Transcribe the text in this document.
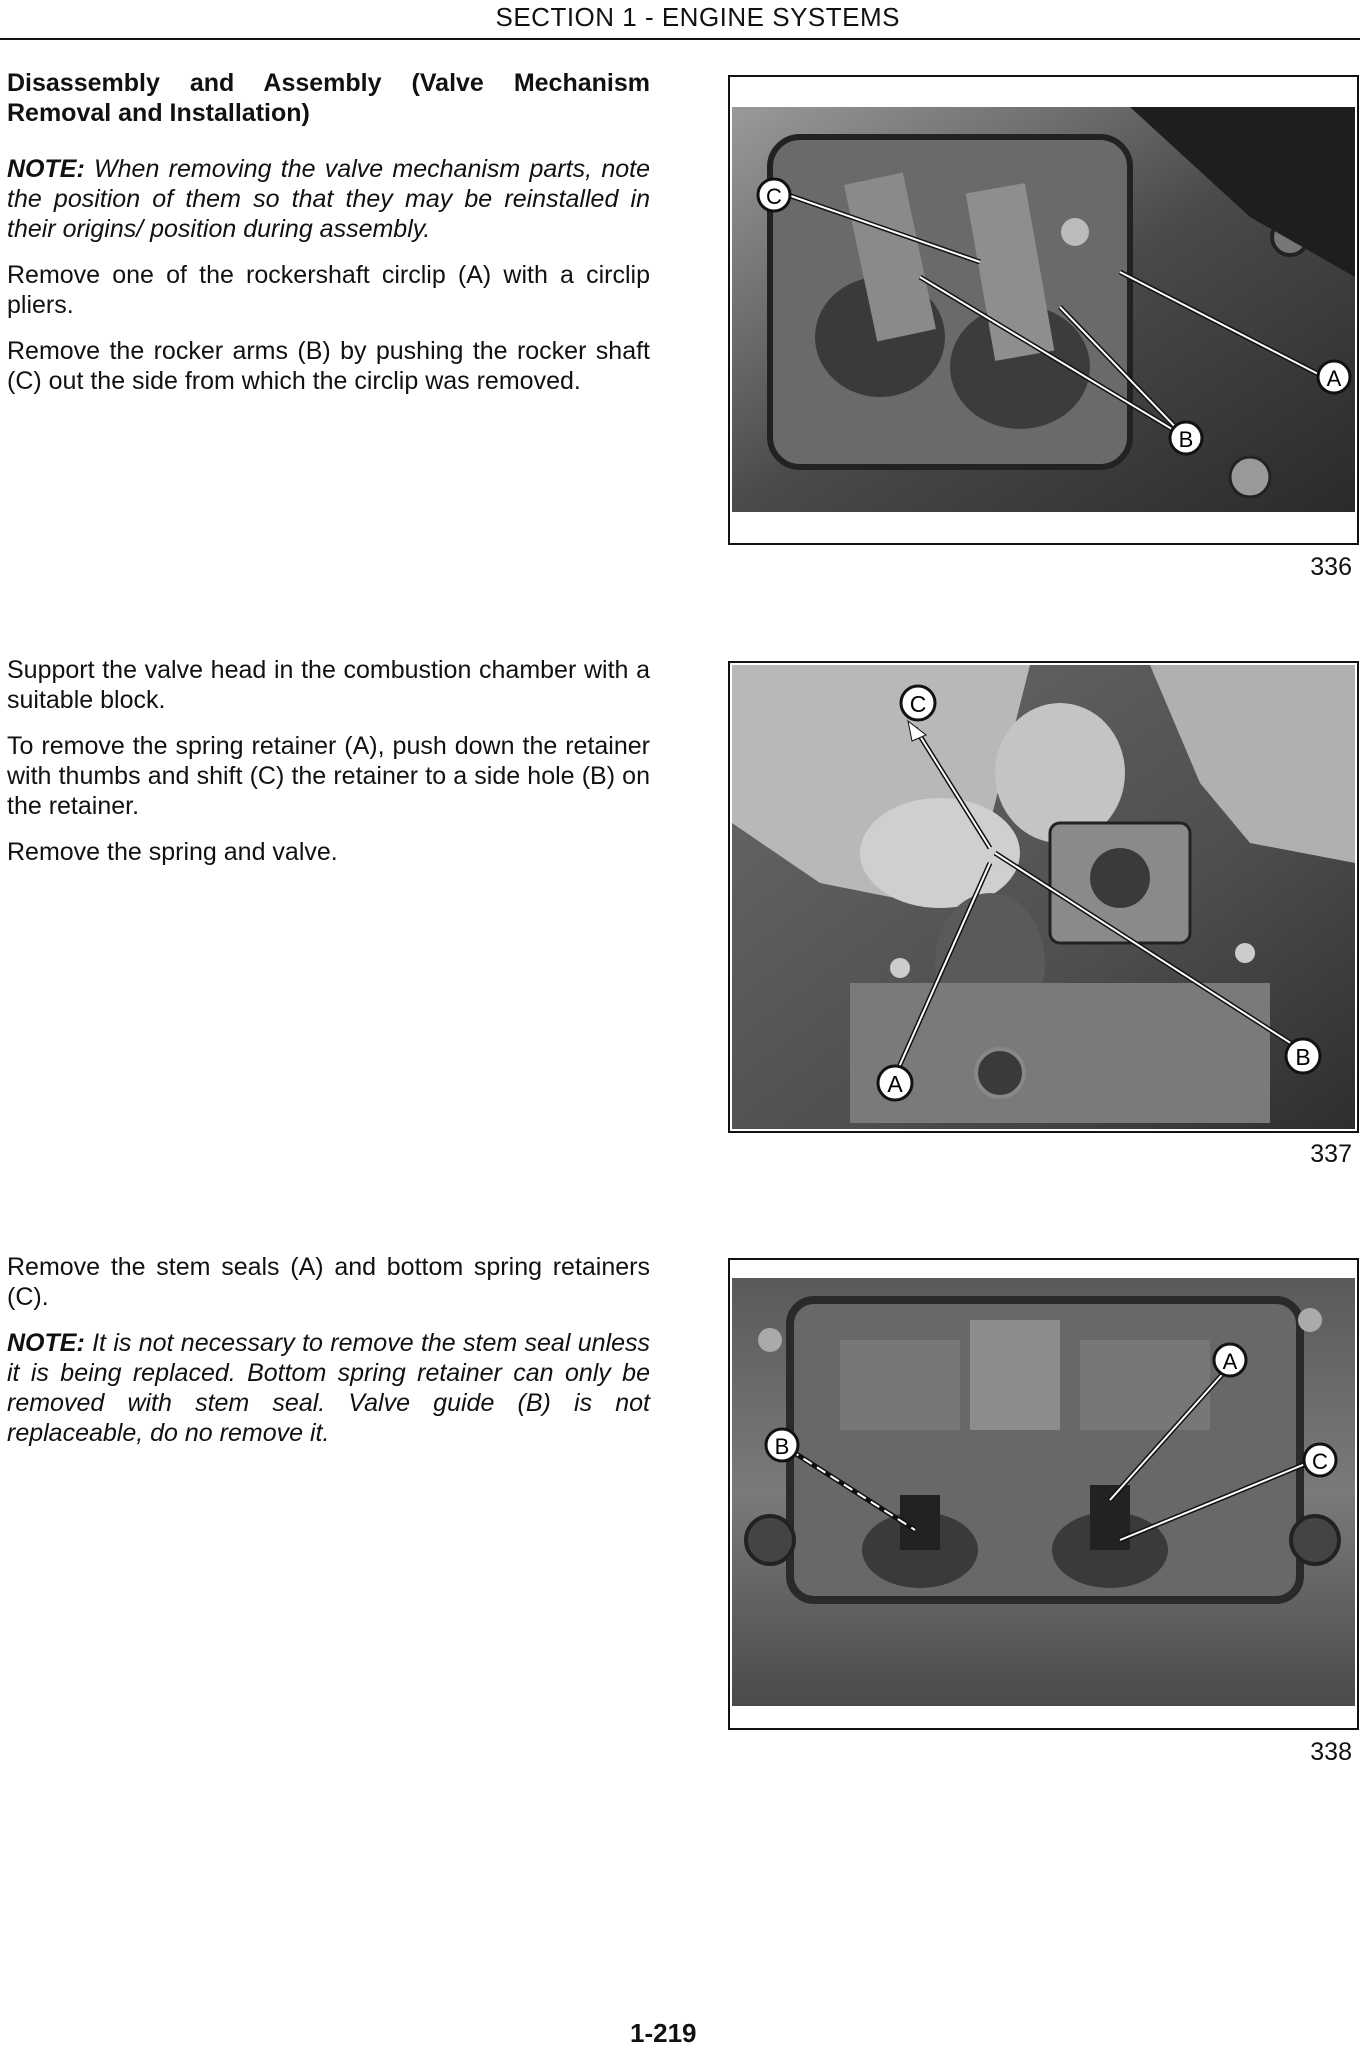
SECTION 1 - ENGINE SYSTEMS

Disassembly and Assembly (Valve Mechanism Removal and Installation)

NOTE: When removing the valve mechanism parts, note the position of them so that they may be reinstalled in their origins/ position during assembly.

Remove one of the rockershaft circlip (A) with a circlip pliers.

Remove the rocker arms (B) by pushing the rocker shaft (C) out the side from which the circlip was removed.

C
A
B
336

Support the valve head in the combustion chamber with a suitable block.

To remove the spring retainer (A), push down the retainer with thumbs and shift (C) the retainer to a side hole (B) on the retainer.

Remove the spring and valve.

C
A
B
337

Remove the stem seals (A) and bottom spring retainers (C).

NOTE: It is not necessary to remove the stem seal unless it is being replaced. Bottom spring retainer can only be removed with stem seal. Valve guide (B) is not replaceable, do no remove it.

A
B
C
338
1-219
